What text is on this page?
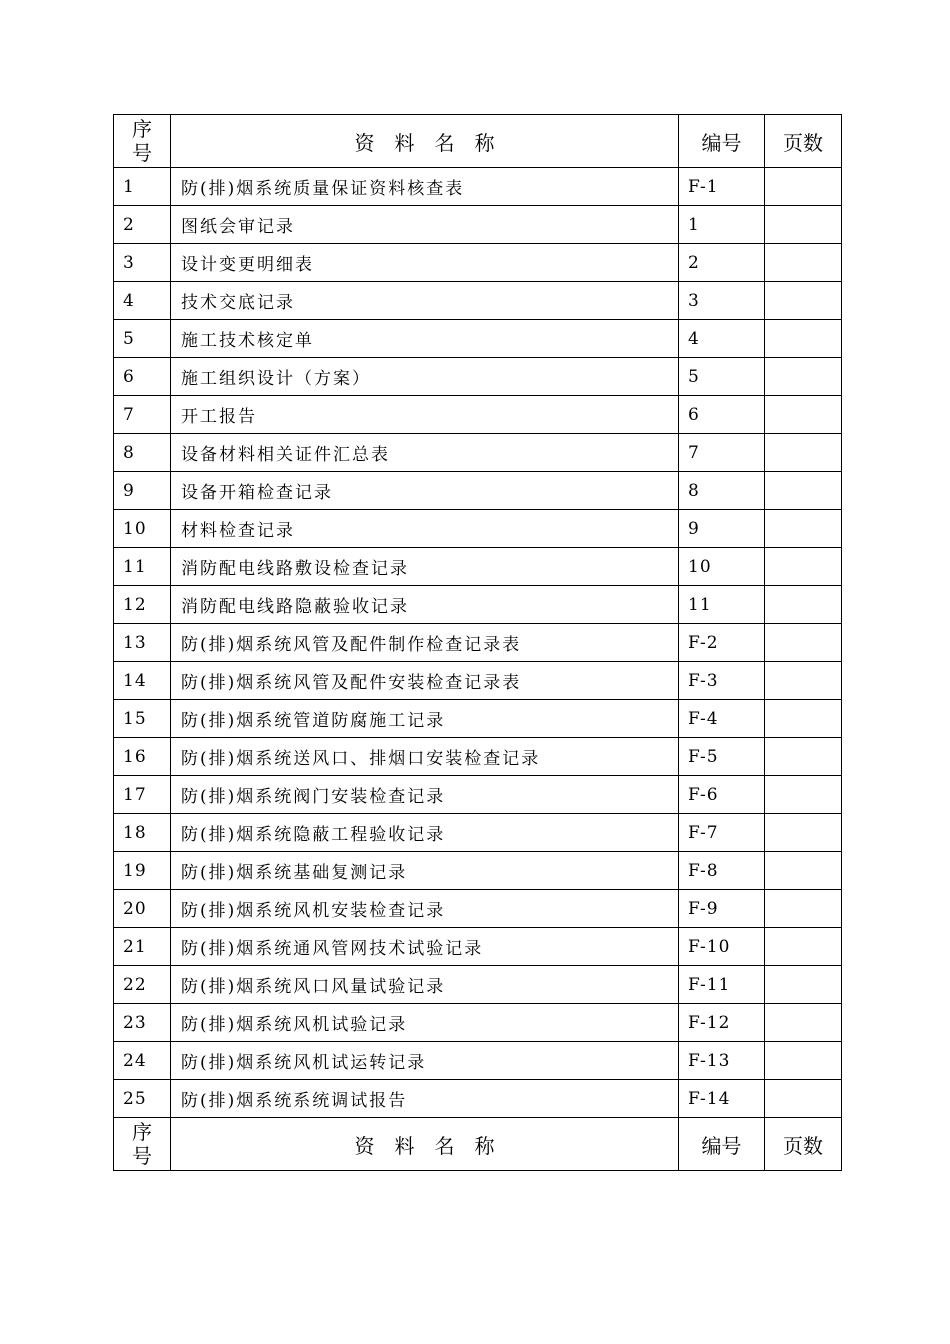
序
号	资料名称	编号	页数
1	防(排)烟系统质量保证资料核查表	F-1	
2	图纸会审记录	1	
3	设计变更明细表	2	
4	技术交底记录	3	
5	施工技术核定单	4	
6	施工组织设计（方案）	5	
7	开工报告	6	
8	设备材料相关证件汇总表	7	
9	设备开箱检查记录	8	
10	材料检查记录	9	
11	消防配电线路敷设检查记录	10	
12	消防配电线路隐蔽验收记录	11	
13	防(排)烟系统风管及配件制作检查记录表	F-2	
14	防(排)烟系统风管及配件安装检查记录表	F-3	
15	防(排)烟系统管道防腐施工记录	F-4	
16	防(排)烟系统送风口、排烟口安装检查记录	F-5	
17	防(排)烟系统阀门安装检查记录	F-6	
18	防(排)烟系统隐蔽工程验收记录	F-7	
19	防(排)烟系统基础复测记录	F-8	
20	防(排)烟系统风机安装检查记录	F-9	
21	防(排)烟系统通风管网技术试验记录	F-10	
22	防(排)烟系统风口风量试验记录	F-11	
23	防(排)烟系统风机试验记录	F-12	
24	防(排)烟系统风机试运转记录	F-13	
25	防(排)烟系统系统调试报告	F-14	

序
号	资料名称	编号	页数
